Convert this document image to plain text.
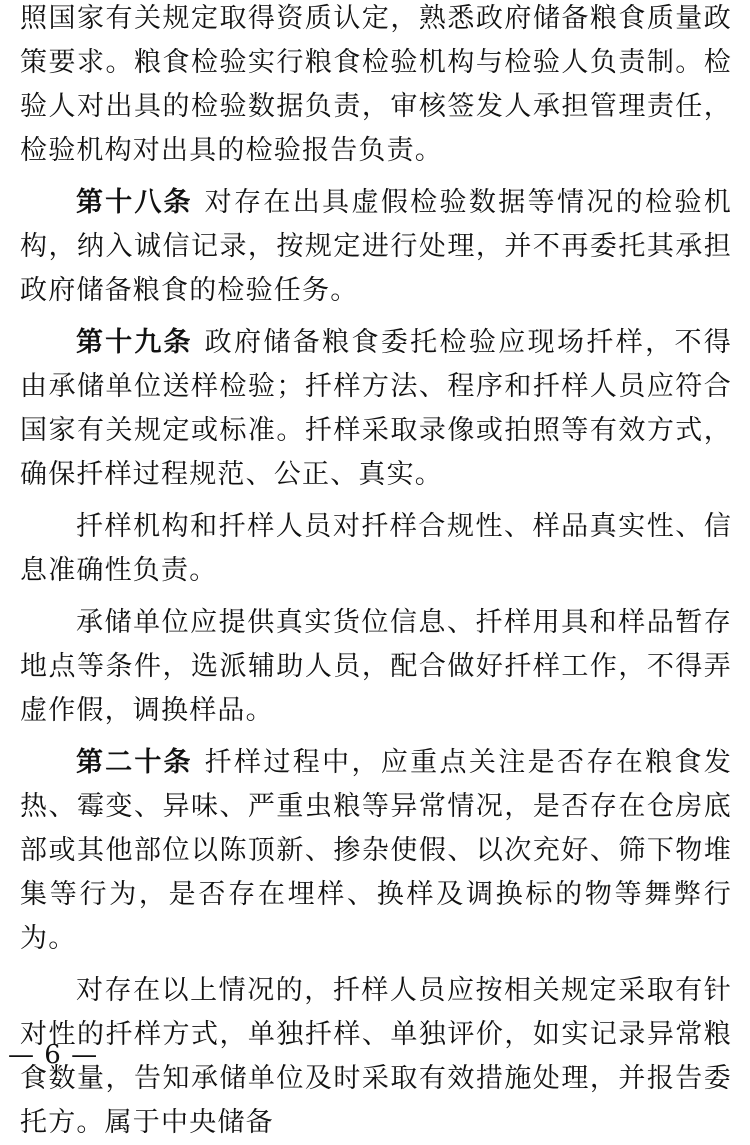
照国家有关规定取得资质认定，熟悉政府储备粮食质量政策要求。粮食检验实行粮食检验机构与检验人负责制。检验人对出具的检验数据负责，审核签发人承担管理责任，检验机构对出具的检验报告负责。

第十八条 对存在出具虚假检验数据等情况的检验机构，纳入诚信记录，按规定进行处理，并不再委托其承担政府储备粮食的检验任务。

第十九条 政府储备粮食委托检验应现场扦样，不得由承储单位送样检验；扦样方法、程序和扦样人员应符合国家有关规定或标准。扦样采取录像或拍照等有效方式，确保扦样过程规范、公正、真实。

扦样机构和扦样人员对扦样合规性、样品真实性、信息准确性负责。

承储单位应提供真实货位信息、扦样用具和样品暂存地点等条件，选派辅助人员，配合做好扦样工作，不得弄虚作假，调换样品。

第二十条 扦样过程中，应重点关注是否存在粮食发热、霉变、异味、严重虫粮等异常情况，是否存在仓房底部或其他部位以陈顶新、掺杂使假、以次充好、筛下物堆集等行为，是否存在埋样、换样及调换标的物等舞弊行为。

对存在以上情况的，扦样人员应按相关规定采取有针对性的扦样方式，单独扦样、单独评价，如实记录异常粮食数量，告知承储单位及时采取有效措施处理，并报告委托方。属于中央储备

— 6 —
